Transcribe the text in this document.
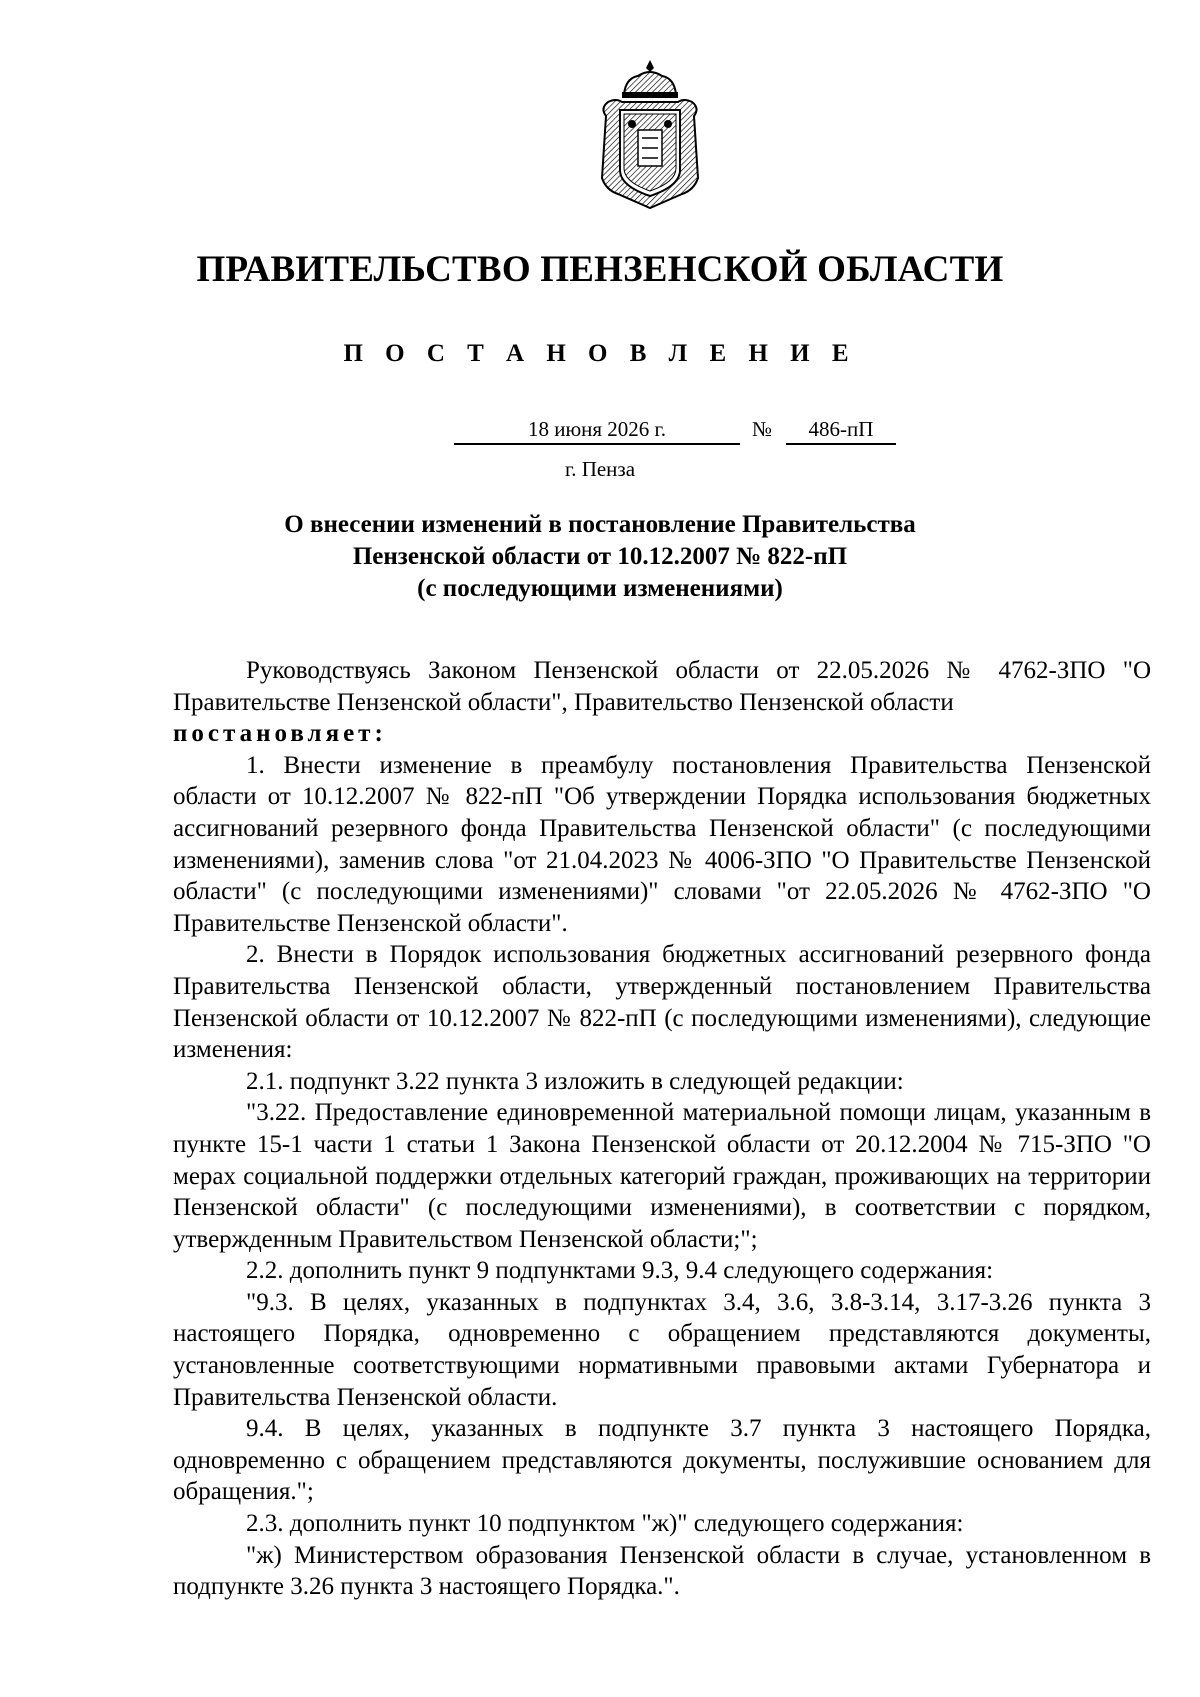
ПРАВИТЕЛЬСТВО ПЕНЗЕНСКОЙ ОБЛАСТИ
П О С Т А Н О В Л Е Н И Е
18 июня 2026 г.	№	486-пП
г. Пенза
О внесении изменений в постановление Правительства
Пензенской области от 10.12.2007 № 822-пП
(с последующими изменениями)

Руководствуясь Законом Пензенской области от 22.05.2026 № 4762-ЗПО "О Правительстве Пензенской области", Правительство Пензенской области

постановляет:

1. Внести изменение в преамбулу постановления Правительства Пензенской области от 10.12.2007 № 822-пП "Об утверждении Порядка использования бюджетных ассигнований резервного фонда Правительства Пензенской области" (с последующими изменениями), заменив слова "от 21.04.2023 № 4006-ЗПО "О Правительстве Пензенской области" (с последующими изменениями)" словами "от 22.05.2026 № 4762-ЗПО "О Правительстве Пензенской области".

2. Внести в Порядок использования бюджетных ассигнований резервного фонда Правительства Пензенской области, утвержденный постановлением Правительства Пензенской области от 10.12.2007 № 822-пП (с последующими изменениями), следующие изменения:

2.1. подпункт 3.22 пункта 3 изложить в следующей редакции:

"3.22. Предоставление единовременной материальной помощи лицам, указанным в пункте 15-1 части 1 статьи 1 Закона Пензенской области от 20.12.2004 № 715-ЗПО "О мерах социальной поддержки отдельных категорий граждан, проживающих на территории Пензенской области" (с последующими изменениями), в соответствии с порядком, утвержденным Правительством Пензенской области;";

2.2. дополнить пункт 9 подпунктами 9.3, 9.4 следующего содержания:

"9.3. В целях, указанных в подпунктах 3.4, 3.6, 3.8-3.14, 3.17-3.26 пункта 3 настоящего Порядка, одновременно с обращением представляются документы, установленные соответствующими нормативными правовыми актами Губернатора и Правительства Пензенской области.

9.4. В целях, указанных в подпункте 3.7 пункта 3 настоящего Порядка, одновременно с обращением представляются документы, послужившие основанием для обращения.";

2.3. дополнить пункт 10 подпунктом "ж)" следующего содержания:

"ж) Министерством образования Пензенской области в случае, установленном в подпункте 3.26 пункта 3 настоящего Порядка.".
